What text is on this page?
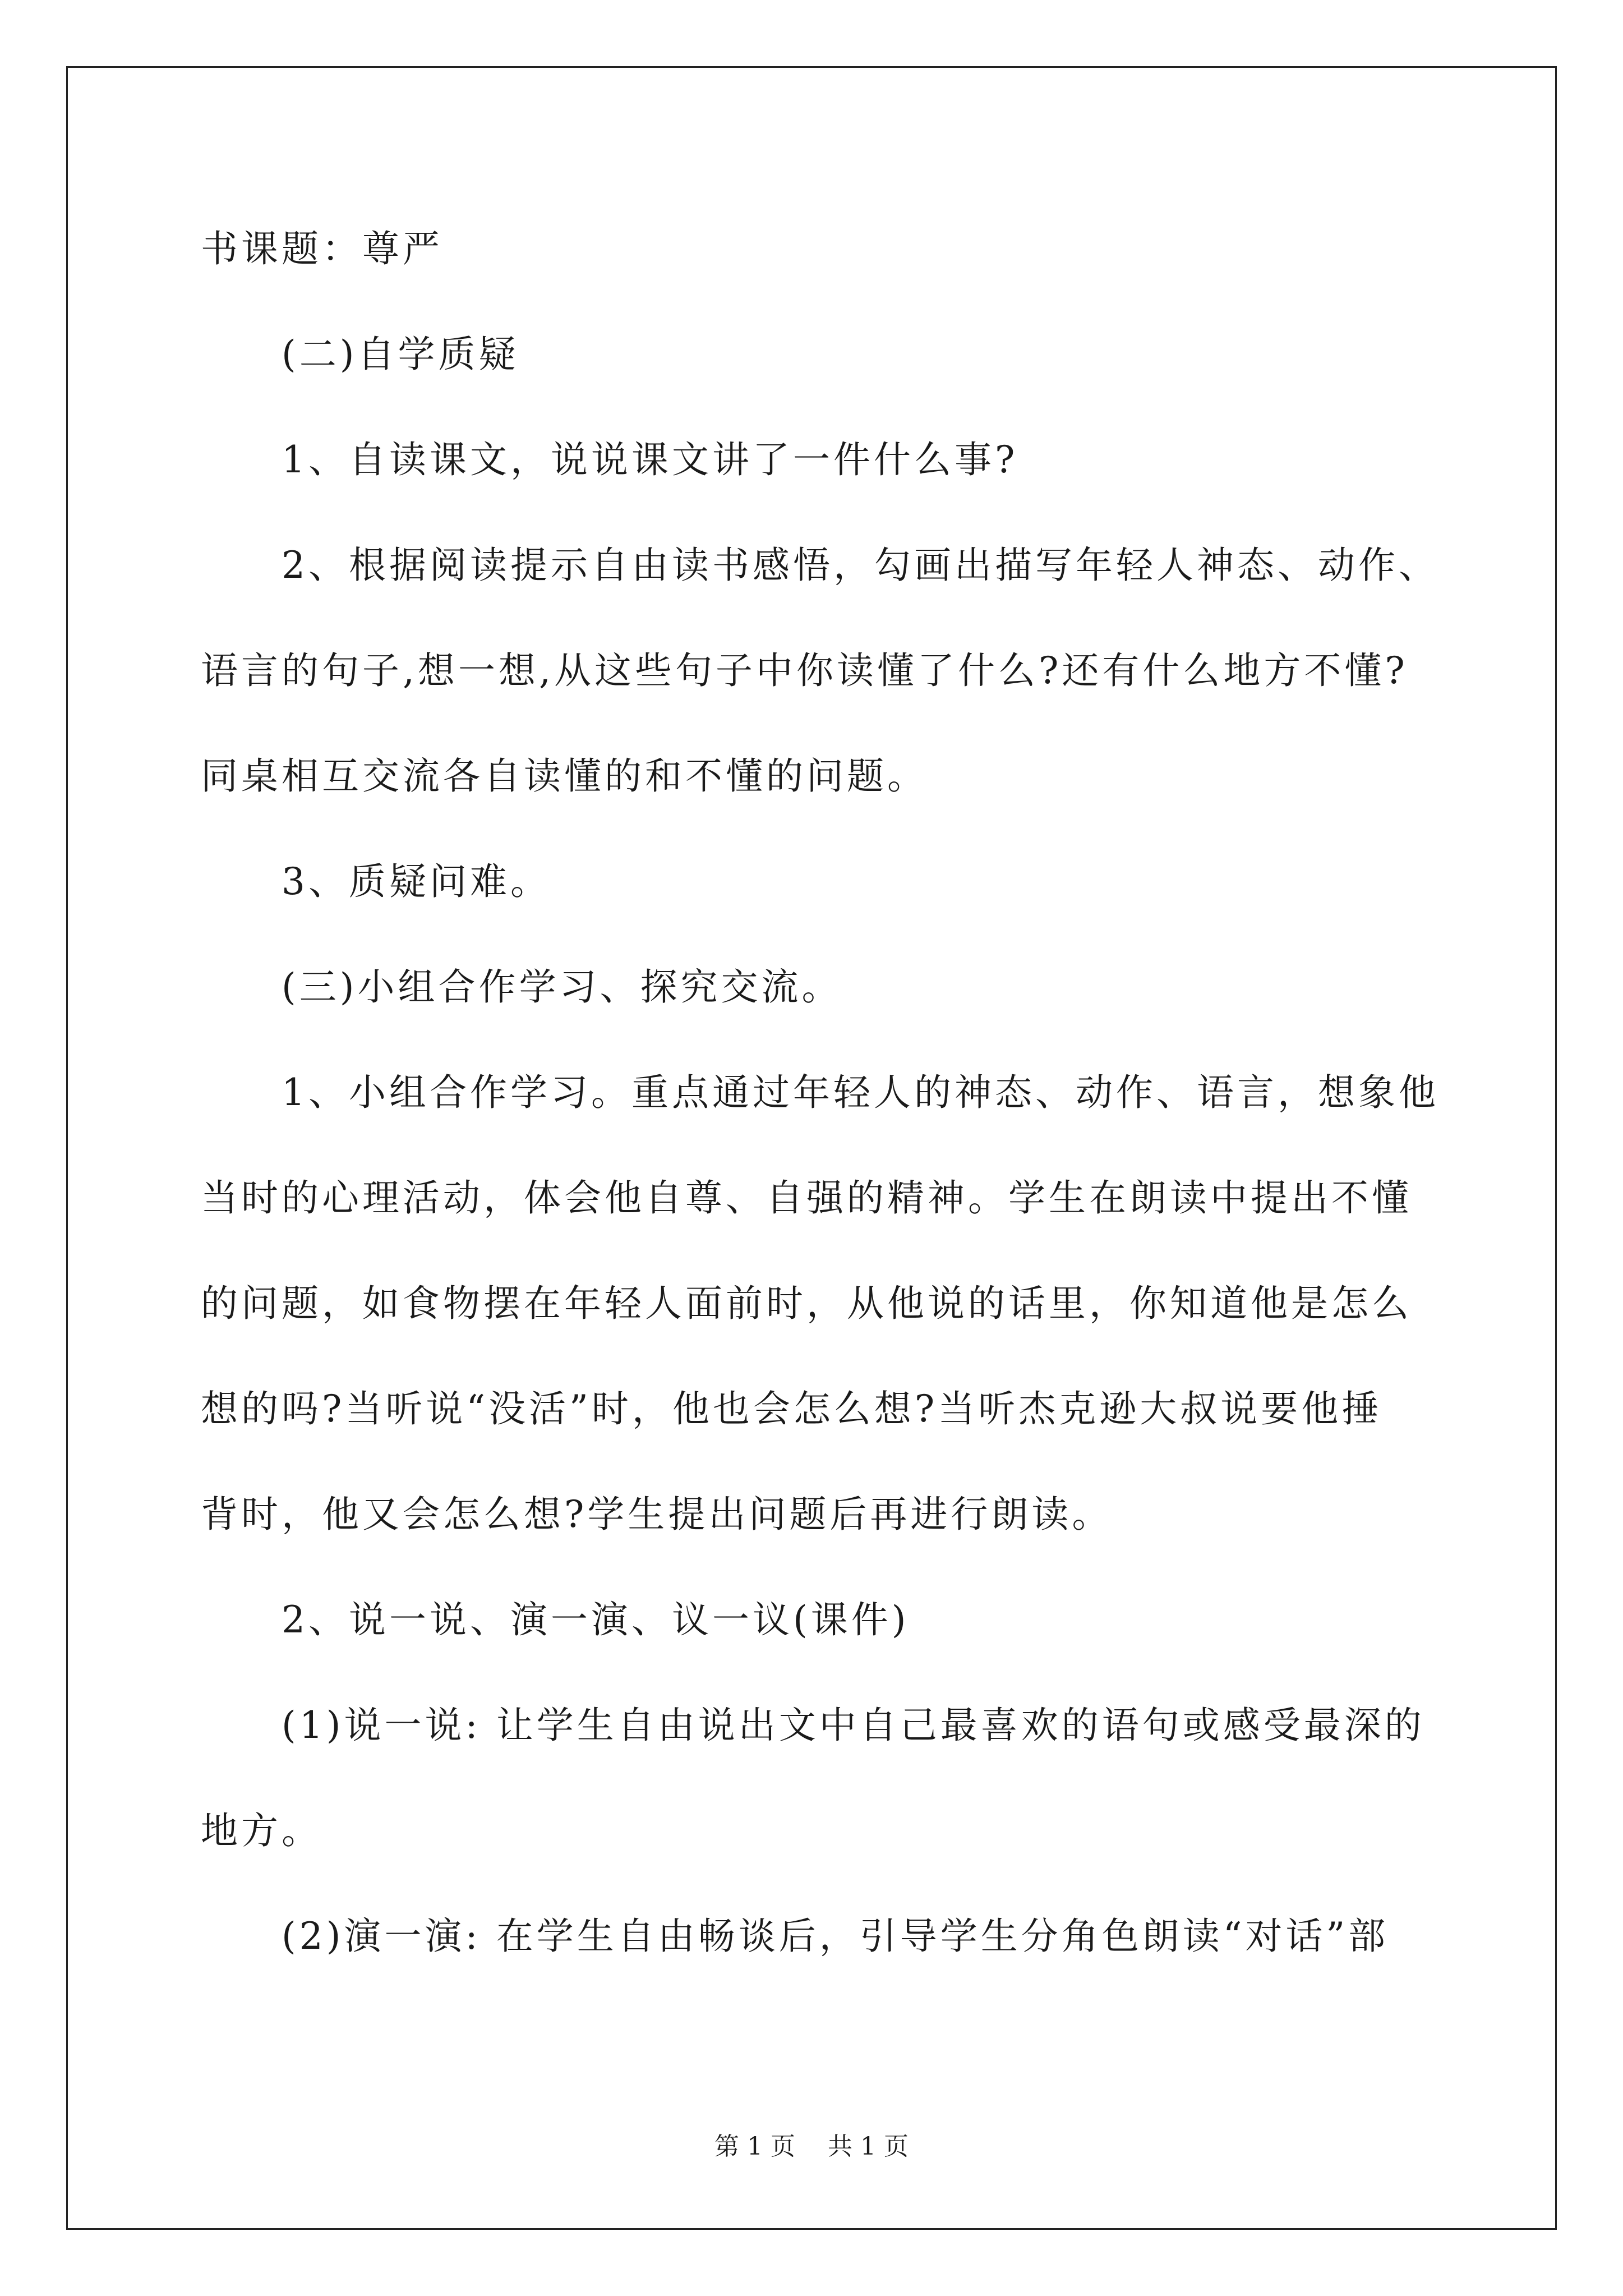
书课题：尊严
　　(二)自学质疑
　　1、自读课文，说说课文讲了一件什么事?
　　2、根据阅读提示自由读书感悟，勾画出描写年轻人神态、动作、
语言的句子,想一想,从这些句子中你读懂了什么?还有什么地方不懂?
同桌相互交流各自读懂的和不懂的问题。
　　3、质疑问难。
　　(三)小组合作学习、探究交流。
　　1、小组合作学习。重点通过年轻人的神态、动作、语言，想象他
当时的心理活动，体会他自尊、自强的精神。学生在朗读中提出不懂
的问题，如食物摆在年轻人面前时，从他说的话里，你知道他是怎么
想的吗?当听说“没活”时，他也会怎么想?当听杰克逊大叔说要他捶
背时，他又会怎么想?学生提出问题后再进行朗读。
　　2、说一说、演一演、议一议(课件)
　　(1)说一说: 让学生自由说出文中自己最喜欢的语句或感受最深的
地方。
　　(2)演一演: 在学生自由畅谈后，引导学生分角色朗读“对话”部
第 1 页 共 1 页
